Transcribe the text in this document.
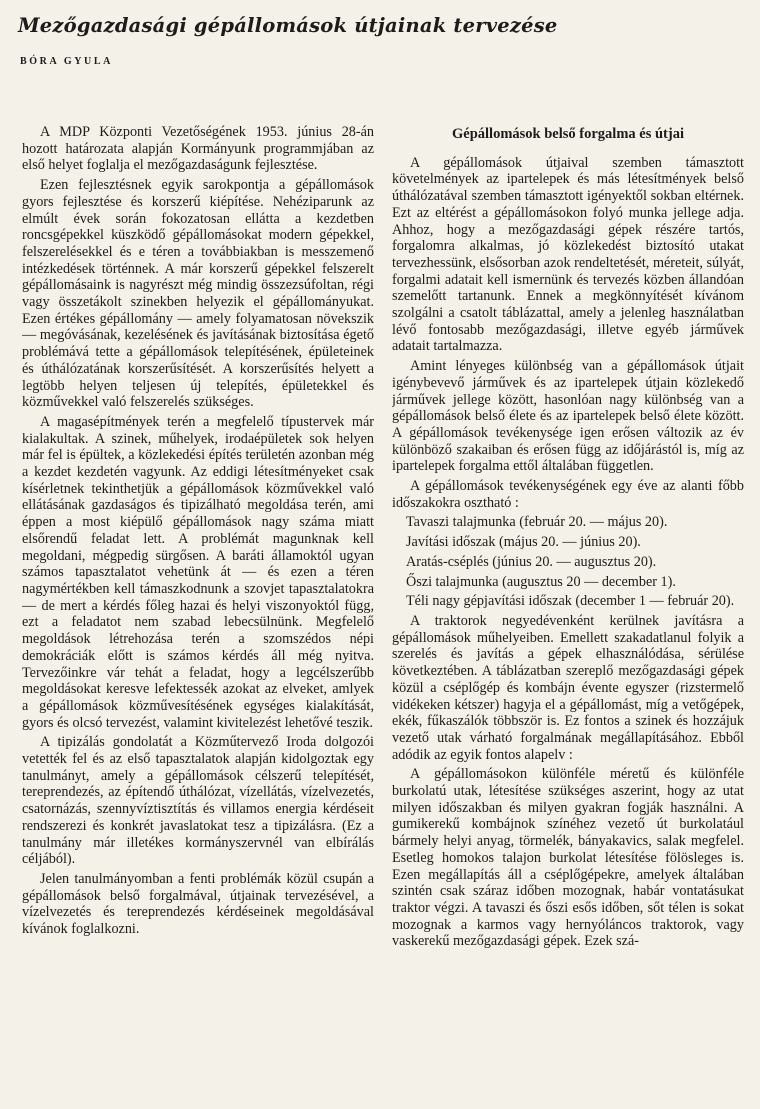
Mezőgazdasági gépállomások útjainak tervezése
BÓRA GYULA

A MDP Központi Vezetőségének 1953. június 28-án hozott határozata alapján Kormányunk programmjában az első helyet foglalja el mezőgazdaságunk fejlesztése.

Ezen fejlesztésnek egyik sarokpontja a gépállomások gyors fejlesztése és korszerű kiépítése. Nehéziparunk az elmúlt évek során fokozatosan ellátta a kezdetben roncsgépekkel küszködő gépállomásokat modern gépekkel, felszerelésekkel és e téren a továbbiakban is messzemenő intézkedések történnek. A már korszerű gépekkel felszerelt gépállomásaink is nagyrészt még mindig összezsúfoltan, régi vagy összetákolt szinekben helyezik el gépállományukat. Ezen értékes gépállomány — amely folyamatosan növekszik — megóvásának, kezelésének és javításának biztosítása égető problémává tette a gépállomások telepítésének, épületeinek és úthálózatának korszerűsítését. A korszerűsítés helyett a legtöbb helyen teljesen új telepítés, épületekkel és közművekkel való felszerelés szükséges.

A magasépítmények terén a megfelelő típustervek már kialakultak. A szinek, műhelyek, irodaépületek sok helyen már fel is épültek, a közlekedési építés területén azonban még a kezdet kezdetén vagyunk. Az eddigi létesítményeket csak kísérletnek tekinthetjük a gépállomások közművekkel való ellátásának gazdaságos és tipizálható megoldása terén, ami éppen a most kiépülő gépállomások nagy száma miatt elsőrendű feladat lett. A problémát magunknak kell megoldani, mégpedig sürgősen. A baráti államoktól ugyan számos tapasztalatot vehetünk át — és ezen a téren nagymértékben kell támaszkodnunk a szovjet tapasztalatokra — de mert a kérdés főleg hazai és helyi viszonyoktól függ, ezt a feladatot nem szabad lebecsülnünk. Megfelelő megoldások létrehozása terén a szomszédos népi demokráciák előtt is számos kérdés áll még nyitva. Tervezőinkre vár tehát a feladat, hogy a legcélszerűbb megoldásokat keresve lefektessék azokat az elveket, amlyek a gépállomások közművesítésének egységes kialakítását, gyors és olcsó tervezést, valamint kivitelezést lehetővé teszik.

A tipizálás gondolatát a Közműtervező Iroda dolgozói vetették fel és az első tapasztalatok alapján kidolgoztak egy tanulmányt, amely a gépállomások célszerű telepítését, tereprendezés, az építendő úthálózat, vízellátás, vízelvezetés, csatornázás, szennyvíztisztítás és villamos energia kérdéseit rendszerezi és konkrét javaslatokat tesz a tipizálásra. (Ez a tanulmány már illetékes kormányszervnél van elbírálás céljából).

Jelen tanulmányomban a fenti problémák közül csupán a gépállomások belső forgalmával, útjainak tervezésével, a vízelvezetés és tereprendezés kérdéseinek megoldásával kívánok foglalkozni.

Gépállomások belső forgalma és útjai

A gépállomások útjaival szemben támasztott követelmények az ipartelepek és más létesítmények belső úthálózatával szemben támasztott igényektől sokban eltérnek. Ezt az eltérést a gépállomásokon folyó munka jellege adja. Ahhoz, hogy a mezőgazdasági gépek részére tartós, forgalomra alkalmas, jó közlekedést biztosító utakat tervezhessünk, elsősorban azok rendeltetését, méreteit, súlyát, forgalmi adatait kell ismernünk és tervezés közben állandóan szemelőtt tartanunk. Ennek a megkönnyítését kívánom szolgálni a csatolt táblázattal, amely a jelenleg használatban lévő fontosabb mezőgazdasági, illetve egyéb járművek adatait tartalmazza.

Amint lényeges különbség van a gépállomások útjait igénybevevő járművek és az ipartelepek útjain közlekedő járművek jellege között, hasonlóan nagy különbség van a gépállomások belső élete és az ipartelepek belső élete között. A gépállomások tevékenysége igen erősen változik az év különböző szakaiban és erősen függ az időjárástól is, míg az ipartelepek forgalma ettől általában független.

A gépállomások tevékenységének egy éve az alanti főbb időszakokra osztható :

Tavaszi talajmunka (február 20. — május 20).

Javítási időszak (május 20. — június 20).

Aratás-cséplés (június 20. — augusztus 20).

Őszi talajmunka (augusztus 20 — december 1).

Téli nagy gépjavítási időszak (december 1 — február 20).

A traktorok negyedévenként kerülnek javításra a gépállomások műhelyeiben. Emellett szakadatlanul folyik a szerelés és javítás a gépek elhasználódása, sérülése következtében. A táblázatban szereplő mezőgazdasági gépek közül a cséplőgép és kombájn évente egyszer (rizstermelő vidékeken kétszer) hagyja el a gépállomást, míg a vetőgépek, ekék, fűkaszálók többször is. Ez fontos a szinek és hozzájuk vezető utak várható forgalmának megállapításához. Ebből adódik az egyik fontos alapelv :

A gépállomásokon különféle méretű és különféle burkolatú utak, létesítése szükséges aszerint, hogy az utat milyen időszakban és milyen gyakran fogják használni. A gumikerekű kombájnok színéhez vezető út burkolatául bármely helyi anyag, törmelék, bányakavics, salak megfelel. Esetleg homokos talajon burkolat létesítése fölösleges is. Ezen megállapítás áll a cséplőgépekre, amelyek általában szintén csak száraz időben mozognak, habár vontatásukat traktor végzi. A tavaszi és őszi esős időben, sőt télen is sokat mozognak a karmos vagy hernyóláncos traktorok, vagy vaskerekű mezőgazdasági gépek. Ezek szá-
